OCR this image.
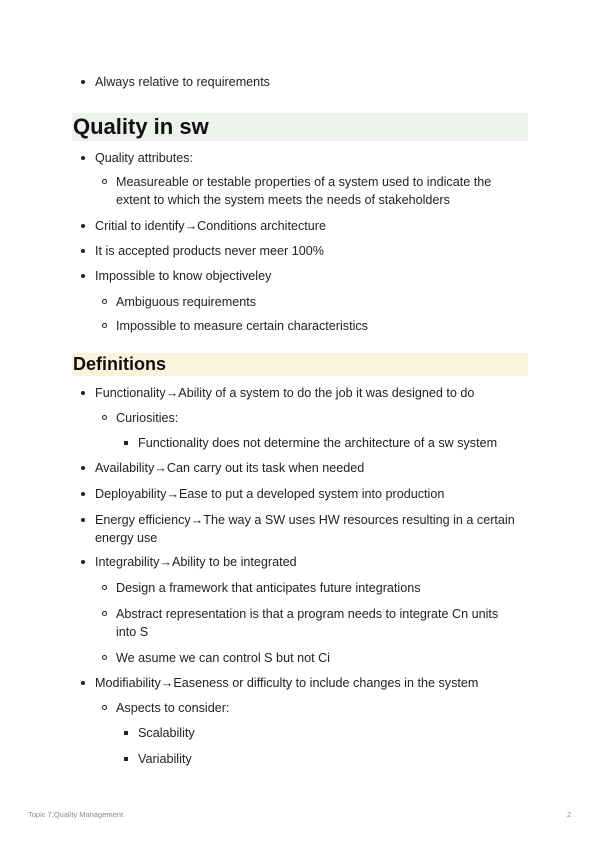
Always relative to requirements
Quality in sw
Quality attributes:
Measureable or testable properties of a system used to indicate the extent to which the system meets the needs of stakeholders
Critial to identify→Conditions architecture
It is accepted products never meer 100%
Impossible to know objectiveley
Ambiguous requirements
Impossible to measure certain characteristics
Definitions
Functionality→Ability of a system to do the job it was designed to do
Curiosities:
Functionality does not determine the architecture of a sw system
Availability→Can carry out its task when needed
Deployability→Ease to put a developed system into production
Energy efficiency→The way a SW uses HW resources resulting in a certain energy use
Integrability→Ability to be integrated
Design a framework that anticipates future integrations
Abstract representation is that a program needs to integrate Cn units into S
We asume we can control S but not Ci
Modifiability→Easeness or difficulty to include changes in the system
Aspects to consider:
Scalability
Variability
Topic 7.Quality Management	2
